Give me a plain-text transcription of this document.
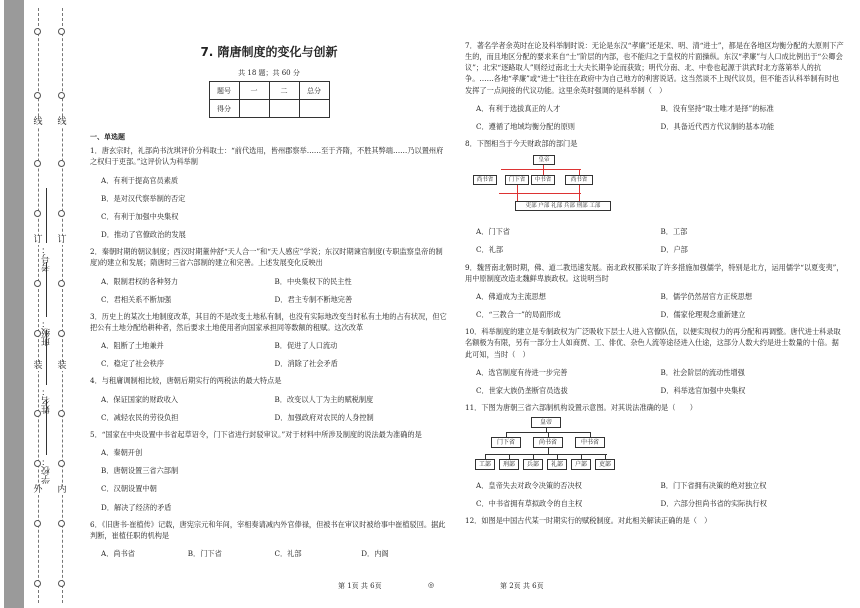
线
订
装
外
线
订
装
内
学校：
姓名：
班级：
考号：
7. 隋唐制度的变化与创新
共 18 题；共 60 分
题号	一	二	总分
得分			
一、单选题
1．唐玄宗时，礼部尚书沈琪评价分科取士：“前代选用，皆州郡察举……至于齐隋，不胜其弊端……乃以置州府之权归于吏部。”这评价认为科举制
A．有利于提高官员素质
B．是对汉代察举制的否定
C．有利于加强中央集权
D．推动了官僚政治的发展
2．秦朝时期的朝议制度；西汉时期董仲舒“天人合一”和“天人感应”学说；东汉时期谏官制度(专职监察皇帝的制度)的建立和发展；隋唐时三省六部制的建立和完善。上述发展变化反映出
A．限制君权的各种努力	B．中央集权下的民主性
C．君相关系不断加强	D．君主专制不断地完善
3．历史上的某次土地制度改革，其目的不是改变土地私有制，也没有实际地改变当时私有土地的占有状况，但它把公有土地分配给耕种者，然后要求土地使用者向国家承担同等数额的租赋。这次改革
A．阻断了土地兼并	B．促进了人口流动
C．稳定了社会秩序	D．消除了社会矛盾
4．与租庸调制相比较，唐朝后期实行的两税法的最大特点是
A．保证国家的财政收入	B．改变以人丁为主的赋税制度
C．减轻农民的劳役负担	D．加强政府对农民的人身控制
5．“国家在中央设置中书省起草诏令，门下省进行封驳审议。”对于材料中所涉及制度的说法最为准确的是
A．秦朝开创
B．唐朝设置三省六部制
C．汉朝设置中朝
D．解决了经济的矛盾
6．《旧唐书·崔植传》记载，唐宪宗元和年间，宰相奏请减内外官俸禄，但被书在审议时被给事中崔植驳回。据此判断，崔植任职的机构是
A．尚书省	B．门下省	C．礼部	D．内阁
7．著名学者余英时在论及科举制时说：无论是东汉“孝廉”还是宋、明、清“进士”，都是在各地区均衡分配的大原则下产生的，而且地区分配的要求来自“士”阶层的内部，也不能归之于皇权的片面操纵。东汉“孝廉”与人口成比例出于“公卿会议”；北宋“逐路取人”则经过南北士大夫长期争论而获致；明代分南、北、中卷也起源于洪武时北方落第举人的抗争。……各地“孝廉”或“进士”往往在政府中为自己地方的利害说话。这当然谈不上现代议员，但不能否认科举制有时也发挥了一点间接的代议功能。这里余英时强调的是科举制（　）
A．有利于选拔真正的人才	B．没有坚持“取士唯才是择”的标准
C．遵循了地域均衡分配的原则	D．具备近代西方代议制的基本功能
8．下图相当于今天财政部的部门是
皇帝
尚书省	门下省	中书省	尚书省
吏部 户部 礼部 兵部 刑部 工部
A．门下省	B．工部
C．礼部	D．户部
9．魏晋南北朝时期，佛、道二教迅速发展。南北政权都采取了许多措施加强儒学，特别是北方，运用儒学“以夏变夷”，用中原制度改造北魏鲜卑族政权。这说明当时
A．佛道成为主流思想	B．儒学仍然居官方正统思想
C．“三教合一”的局面形成	D．儒家伦理观念重新建立
10．科举制度的建立是专制政权为广泛吸收下层士人进入官僚队伍，以便实现权力的再分配和再调整。唐代进士科录取名额极为有限，另有一部分士人如商贾、工、俳优、杂色人流等途径进入仕途，这部分人数大约是进士数量的十倍。据此可知，当时（　）
A．选官制度有待进一步完善	B．社会阶层的流动性增强
C．世家大族仍垄断官员选拔	D．科举选官加强中央集权
11．下图为唐朝三省六部制机构设置示意图。对其说法准确的是（　　）
皇帝
门下省	尚书省	中书省
工部	刑部	兵部	礼部	户部	吏部
A．皇帝失去对政令决策的否决权	B．门下省拥有决策的绝对独立权
C．中书省拥有草拟政令的自主权	D．六部分担尚书省的实际执行权
12．如图是中国古代某一时期实行的赋税制度。对此相关解读正确的是（　）
第 1页 共 6页	◎	第 2页 共 6页
